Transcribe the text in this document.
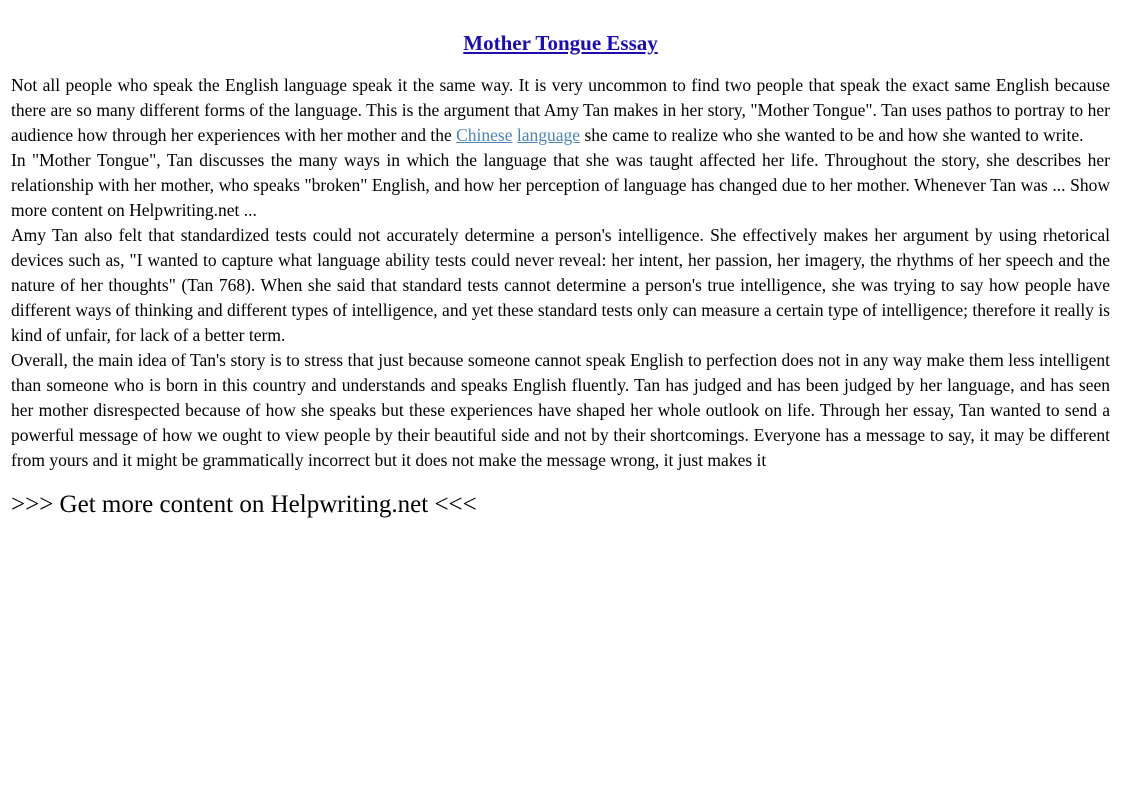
Mother Tongue Essay
Not all people who speak the English language speak it the same way. It is very uncommon to find two people that speak the exact same English because there are so many different forms of the language. This is the argument that Amy Tan makes in her story, "Mother Tongue". Tan uses pathos to portray to her audience how through her experiences with her mother and the Chinese language she came to realize who she wanted to be and how she wanted to write.
In "Mother Tongue", Tan discusses the many ways in which the language that she was taught affected her life. Throughout the story, she describes her relationship with her mother, who speaks "broken" English, and how her perception of language has changed due to her mother. Whenever Tan was ... Show more content on Helpwriting.net ...
Amy Tan also felt that standardized tests could not accurately determine a person's intelligence. She effectively makes her argument by using rhetorical devices such as, "I wanted to capture what language ability tests could never reveal: her intent, her passion, her imagery, the rhythms of her speech and the nature of her thoughts" (Tan 768). When she said that standard tests cannot determine a person's true intelligence, she was trying to say how people have different ways of thinking and different types of intelligence, and yet these standard tests only can measure a certain type of intelligence; therefore it really is kind of unfair, for lack of a better term.
Overall, the main idea of Tan's story is to stress that just because someone cannot speak English to perfection does not in any way make them less intelligent than someone who is born in this country and understands and speaks English fluently. Tan has judged and has been judged by her language, and has seen her mother disrespected because of how she speaks but these experiences have shaped her whole outlook on life. Through her essay, Tan wanted to send a powerful message of how we ought to view people by their beautiful side and not by their shortcomings. Everyone has a message to say, it may be different from yours and it might be grammatically incorrect but it does not make the message wrong, it just makes it
>>> Get more content on Helpwriting.net <<<
